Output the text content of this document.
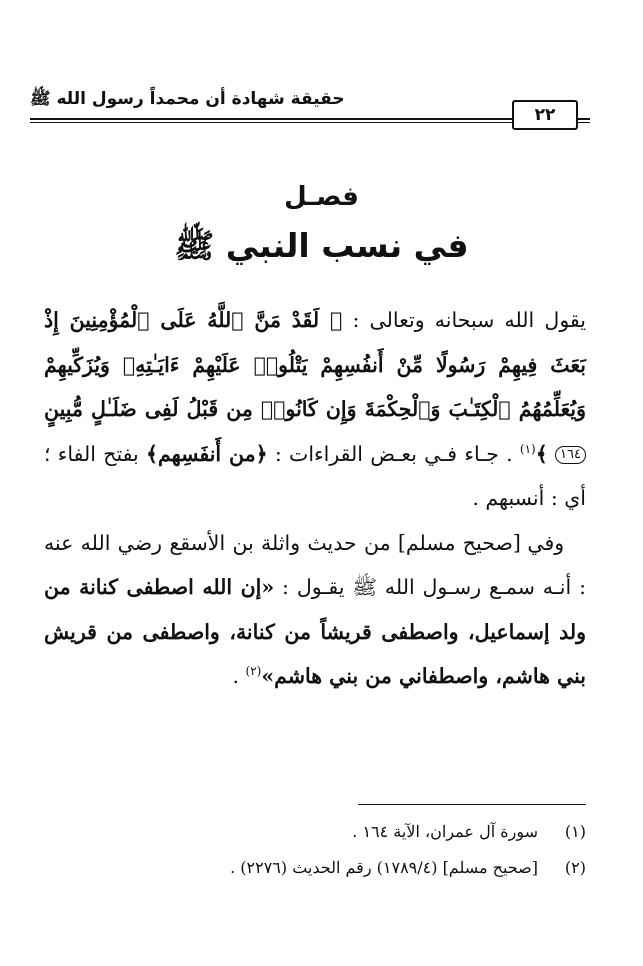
حقيقة شهادة أن محمداً رسول الله ﷺ
٢٢
فصـل
في نسب النبي ﷺ

يقول الله سبحانه وتعالى : ﴿ لَقَدْ مَنَّ ٱللَّهُ عَلَى ٱلْمُؤْمِنِينَ إِذْ بَعَثَ فِيهِمْ رَسُولًا مِّنْ أَنفُسِهِمْ يَتْلُوا۟ عَلَيْهِمْ ءَايَـٰتِهِۦ وَيُزَكِّيهِمْ وَيُعَلِّمُهُمُ ٱلْكِتَـٰبَ وَٱلْحِكْمَةَ وَإِن كَانُوا۟ مِن قَبْلُ لَفِى ضَلَـٰلٍ مُّبِينٍ ١٦٤ ﴾$^{(١)}$ . جـاء فـي بعـض القراءات : ﴿من أَنفَسِهم﴾ بفتح الفاء ؛ أي : أنسبهم .

وفي [صحيح مسلم] من حديث واثلة بن الأسقع رضي الله عنه : أنـه سمـع رسـول الله ﷺ يقـول : «إن الله اصطفى كنانة من ولد إسماعيل، واصطفى قريشاً من كنانة، واصطفى من قريش بني هاشم، واصطفاني من بني هاشم»$^{(٢)}$ .

(١)
سورة آل عمران، الآية ١٦٤ .
(٢)
[صحيح مسلم] (١٧٨٩/٤) رقم الحديث (٢٢٧٦) .
